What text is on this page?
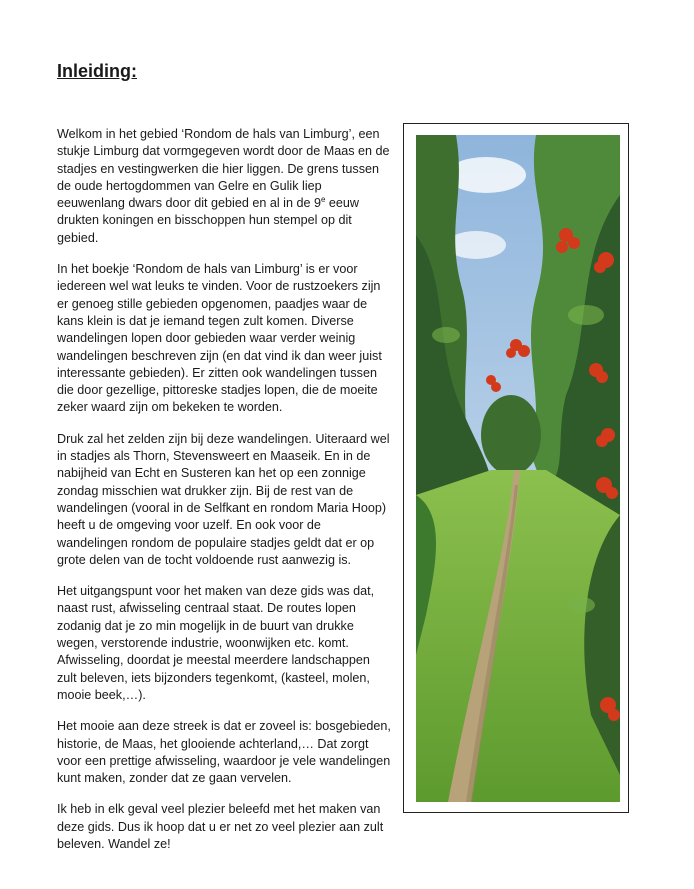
Inleiding:

Welkom in het gebied ‘Rondom de hals van Limburg’, een stukje Limburg dat vormgegeven wordt door de Maas en de stadjes en vestingwerken die hier liggen. De grens tussen de oude hertogdommen van Gelre en Gulik liep eeuwenlang dwars door dit gebied en al in de 9e eeuw drukten koningen en bisschoppen hun stempel op dit gebied.

In het boekje ‘Rondom de hals van Limburg’ is er voor iedereen wel wat leuks te vinden. Voor de rustzoekers zijn er genoeg stille gebieden opgenomen, paadjes waar de kans klein is dat je iemand tegen zult komen. Diverse wandelingen lopen door gebieden waar verder weinig wandelingen beschreven zijn (en dat vind ik dan weer juist interessante gebieden). Er zitten ook wandelingen tussen die door gezellige, pittoreske stadjes lopen, die de moeite zeker waard zijn om bekeken te worden.

Druk zal het zelden zijn bij deze wandelingen. Uiteraard wel in stadjes als Thorn, Stevensweert en Maaseik. En in de nabijheid van Echt en Susteren kan het op een zonnige zondag misschien wat drukker zijn. Bij de rest van de wandelingen (vooral in de Selfkant en rondom Maria Hoop) heeft u de omgeving voor uzelf. En ook voor de wandelingen rondom de populaire stadjes geldt dat er op grote delen van de tocht voldoende rust aanwezig is.

Het uitgangspunt voor het maken van deze gids was dat, naast rust, afwisseling centraal staat. De routes lopen zodanig dat je zo min mogelijk in de buurt van drukke wegen, verstorende industrie, woonwijken etc. komt. Afwisseling, doordat je meestal meerdere landschappen zult beleven, iets bijzonders tegenkomt, (kasteel, molen, mooie beek,…).

Het mooie aan deze streek is dat er zoveel is: bosgebieden, historie, de Maas, het glooiende achterland,… Dat zorgt voor een prettige afwisseling, waardoor je vele wandelingen kunt maken, zonder dat ze gaan vervelen.

Ik heb in elk geval veel plezier beleefd met het maken van deze gids. Dus ik hoop dat u er net zo veel plezier aan zult beleven. Wandel ze!
